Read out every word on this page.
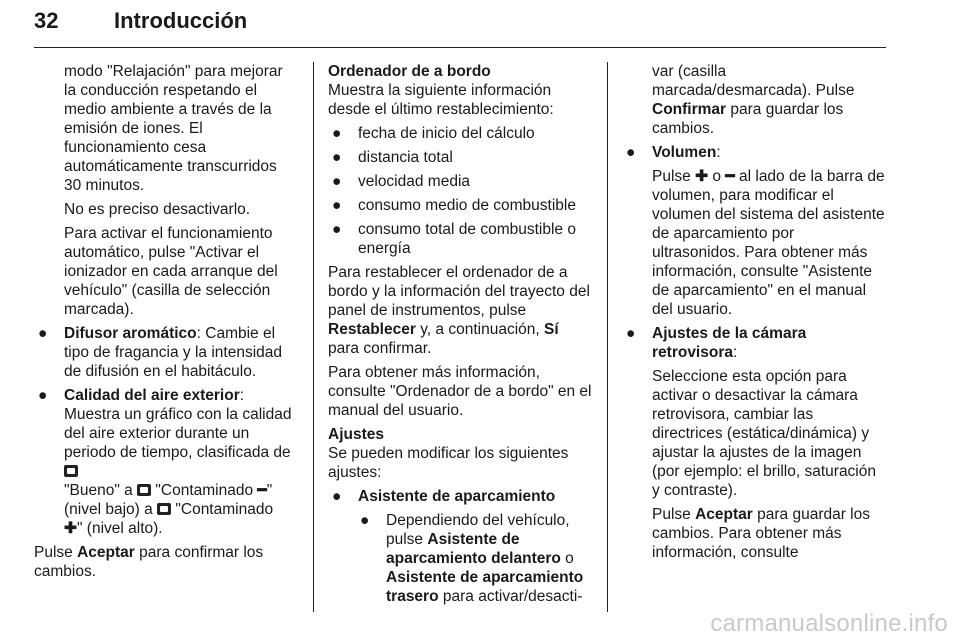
32	Introducción

modo "Relajación" para mejorar la conducción respetando el medio ambiente a través de la emisión de iones. El funcionamiento cesa automáticamente transcurridos 30 minutos.

No es preciso desactivarlo.

Para activar el funcionamiento automático, pulse "Activar el ionizador en cada arranque del vehículo" (casilla de selección marcada).

● Difusor aromático: Cambie el tipo de fragancia y la intensidad de difusión en el habitáculo.
● Calidad del aire exterior: Muestra un gráfico con la calidad del aire exterior durante un periodo de tiempo, clasificada de
"Bueno" a "Contaminado ━" (nivel bajo) a "Contaminado
✚" (nivel alto).

Pulse Aceptar para confirmar los cambios.

Ordenador de a bordo

Muestra la siguiente información desde el último restablecimiento:

● fecha de inicio del cálculo
● distancia total
● velocidad media
● consumo medio de combustible
● consumo total de combustible o energía

Para restablecer el ordenador de a bordo y la información del trayecto del panel de instrumentos, pulse Restablecer y, a continuación, Sí para confirmar.

Para obtener más información, consulte "Ordenador de a bordo" en el manual del usuario.

Ajustes

Se pueden modificar los siguientes ajustes:

● Asistente de aparcamiento
● Dependiendo del vehículo, pulse Asistente de aparcamiento delantero o Asistente de aparcamiento trasero para activar/desacti-

var (casilla marcada/desmarcada). Pulse Confirmar para guardar los cambios.

● Volumen:

Pulse ✚ o ━ al lado de la barra de volumen, para modificar el volumen del sistema del asistente de aparcamiento por ultrasonidos. Para obtener más información, consulte "Asistente de aparcamiento" en el manual del usuario.

● Ajustes de la cámara retrovisora:

Seleccione esta opción para activar o desactivar la cámara retrovisora, cambiar las directrices (estática/dinámica) y ajustar la ajustes de la imagen (por ejemplo: el brillo, saturación y contraste).

Pulse Aceptar para guardar los cambios. Para obtener más información, consulte

carmanualsonline.info
